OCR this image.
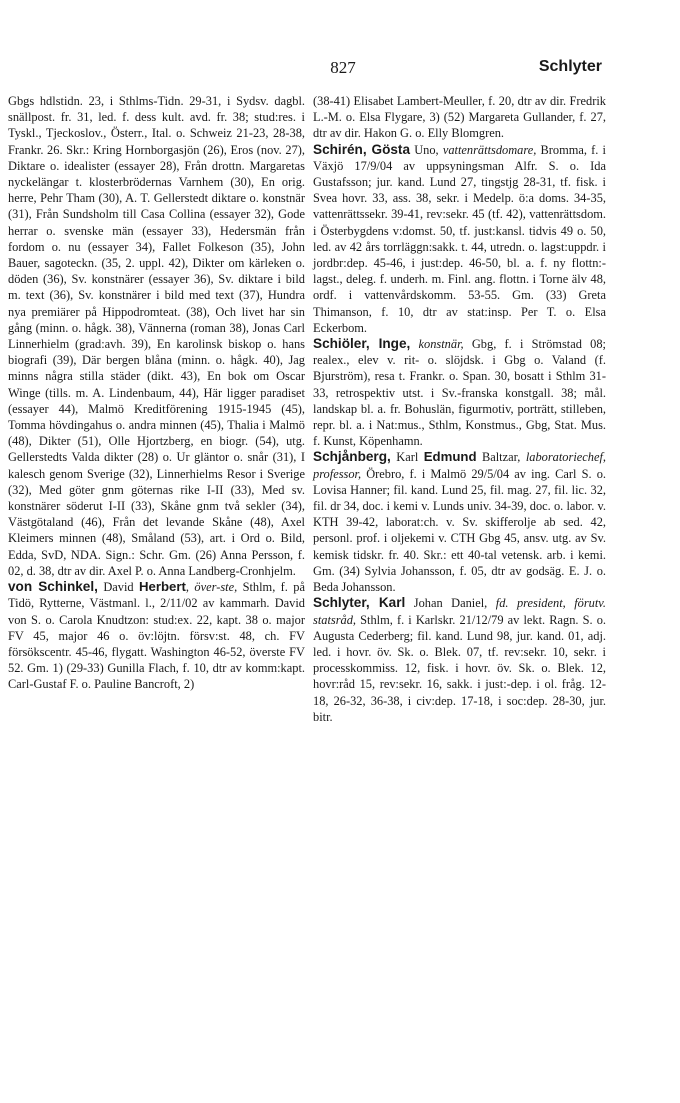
827	Schlyter

Gbgs hdlstidn. 23, i Sthlms-Tidn. 29-31, i Sydsv. dagbl. snällpost. fr. 31, led. f. dess kult. avd. fr. 38; stud:res. i Tyskl., Tjeckoslov., Österr., Ital. o. Schweiz 21-23, 28-38, Frankr. 26. Skr.: Kring Hornborgasjön (26), Eros (nov. 27), Diktare o. idealister (essayer 28), Från drottn. Margaretas nyckelängar t. klosterbrödernas Varnhem (30), En orig. herre, Pehr Tham (30), A. T. Gellerstedt diktare o. konstnär (31), Från Sundsholm till Casa Collina (essayer 32), Gode herrar o. svenske män (essayer 33), Hedersmän från fordom o. nu (essayer 34), Fallet Folkeson (35), John Bauer, sagoteckn. (35, 2. uppl. 42), Dikter om kärleken o. döden (36), Sv. konstnärer (essayer 36), Sv. diktare i bild m. text (36), Sv. konstnärer i bild med text (37), Hundra nya premiärer på Hippodromteat. (38), Och livet har sin gång (minn. o. hågk. 38), Vännerna (roman 38), Jonas Carl Linnerhielm (grad:avh. 39), En karolinsk biskop o. hans biografi (39), Där bergen blåna (minn. o. hågk. 40), Jag minns några stilla städer (dikt. 43), En bok om Oscar Winge (tills. m. A. Lindenbaum, 44), Här ligger paradiset (essayer 44), Malmö Kreditförening 1915-1945 (45), Tomma hövdingahus o. andra minnen (45), Thalia i Malmö (48), Dikter (51), Olle Hjortzberg, en biogr. (54), utg. Gellerstedts Valda dikter (28) o. Ur gläntor o. snår (31), I kalesch genom Sverige (32), Linnerhielms Resor i Sverige (32), Med göter gnm göternas rike I-II (33), Med sv. konstnärer söderut I-II (33), Skåne gnm två sekler (34), Västgötaland (46), Från det levande Skåne (48), Axel Kleimers minnen (48), Småland (53), art. i Ord o. Bild, Edda, SvD, NDA. Sign.: Schr. Gm. (26) Anna Persson, f. 02, d. 38, dtr av dir. Axel P. o. Anna Landberg-Cronhjelm.

von Schinkel, David Herbert, över-ste, Sthlm, f. på Tidö, Rytterne, Västmanl. l., 2/11/02 av kammarh. David von S. o. Carola Knudtzon: stud:ex. 22, kapt. 38 o. major FV 45, major 46 o. öv:löjtn. försv:st. 48, ch. FV försökscentr. 45-46, flygatt. Washington 46-52, överste FV 52. Gm. 1) (29-33) Gunilla Flach, f. 10, dtr av komm:kapt. Carl-Gustaf F. o. Pauline Bancroft, 2)

(38-41) Elisabet Lambert-Meuller, f. 20, dtr av dir. Fredrik L.-M. o. Elsa Flygare, 3) (52) Margareta Gullander, f. 27, dtr av dir. Hakon G. o. Elly Blomgren.

Schirén, Gösta Uno, vattenrättsdomare, Bromma, f. i Växjö 17/9/04 av uppsyningsman Alfr. S. o. Ida Gustafsson; jur. kand. Lund 27, tingstjg 28-31, tf. fisk. i Svea hovr. 33, ass. 38, sekr. i Medelp. ö:a doms. 34-35, vattenrättssekr. 39-41, rev:sekr. 45 (tf. 42), vattenrättsdom. i Österbygdens v:domst. 50, tf. just:kansl. tidvis 49 o. 50, led. av 42 års torrläggn:sakk. t. 44, utredn. o. lagst:uppdr. i jordbr:dep. 45-46, i just:dep. 46-50, bl. a. f. ny flottn:-lagst., deleg. f. underh. m. Finl. ang. flottn. i Torne älv 48, ordf. i vattenvårdskomm. 53-55. Gm. (33) Greta Thimanson, f. 10, dtr av stat:insp. Per T. o. Elsa Eckerbom.

Schiöler, Inge, konstnär, Gbg, f. i Strömstad 08; realex., elev v. rit- o. slöjdsk. i Gbg o. Valand (f. Bjurström), resa t. Frankr. o. Span. 30, bosatt i Sthlm 31-33, retrospektiv utst. i Sv.-franska konstgall. 38; mål. landskap bl. a. fr. Bohuslän, figurmotiv, porträtt, stilleben, repr. bl. a. i Nat:mus., Sthlm, Konstmus., Gbg, Stat. Mus. f. Kunst, Köpenhamn.

Schjånberg, Karl Edmund Baltzar, laboratoriechef, professor, Örebro, f. i Malmö 29/5/04 av ing. Carl S. o. Lovisa Hanner; fil. kand. Lund 25, fil. mag. 27, fil. lic. 32, fil. dr 34, doc. i kemi v. Lunds univ. 34-39, doc. o. labor. v. KTH 39-42, laborat:ch. v. Sv. skifferolje ab sed. 42, personl. prof. i oljekemi v. CTH Gbg 45, ansv. utg. av Sv. kemisk tidskr. fr. 40. Skr.: ett 40-tal vetensk. arb. i kemi. Gm. (34) Sylvia Johansson, f. 05, dtr av godsäg. E. J. o. Beda Johansson.

Schlyter, Karl Johan Daniel, fd. president, förutv. statsråd, Sthlm, f. i Karlskr. 21/12/79 av lekt. Ragn. S. o. Augusta Cederberg; fil. kand. Lund 98, jur. kand. 01, adj. led. i hovr. öv. Sk. o. Blek. 07, tf. rev:sekr. 10, sekr. i processkommiss. 12, fisk. i hovr. öv. Sk. o. Blek. 12, hovr:råd 15, rev:sekr. 16, sakk. i just:-dep. i ol. fråg. 12-18, 26-32, 36-38, i civ:dep. 17-18, i soc:dep. 28-30, jur. bitr.
